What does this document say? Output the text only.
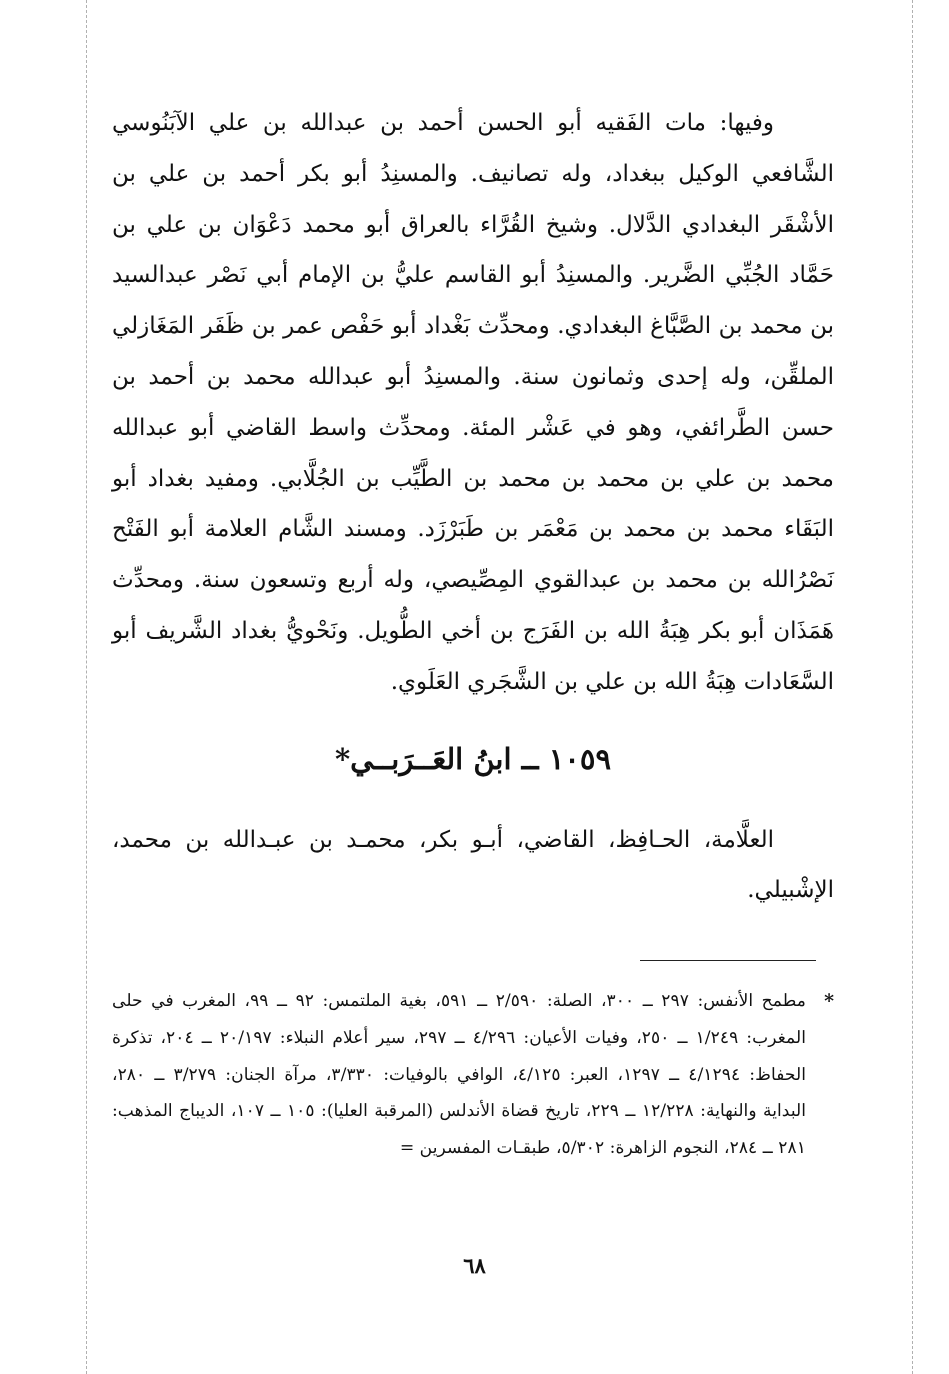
وفيها: مات الفَقيه أبو الحسن أحمد بن عبدالله بن علي الآبَنُوسي الشَّافعي الوكيل ببغداد، وله تصانيف. والمسنِدُ أبو بكر أحمد بن علي بن الأشْقَر البغدادي الدَّلال. وشيخ القُرَّاء بالعراق أبو محمد دَعْوَان بن علي بن حَمَّاد الجُبِّي الضَّرير. والمسنِدُ أبو القاسم عليُّ بن الإمام أبي نَصْر عبدالسيد بن محمد بن الصَّبَّاغ البغدادي. ومحدِّث بَغْداد أبو حَفْص عمر بن ظَفَر المَغَازلي الملقِّن، وله إحدى وثمانون سنة. والمسنِدُ أبو عبدالله محمد بن أحمد بن حسن الطَّرائفي، وهو في عَشْر المئة. ومحدِّث واسط القاضي أبو عبدالله محمد بن علي بن محمد بن محمد بن الطَّيِّب بن الجُلَّابي. ومفيد بغداد أبو البَقَاء محمد بن محمد بن مَعْمَر بن طَبَرْزَد. ومسند الشَّام العلامة أبو الفَتْح نَصْرُالله بن محمد بن عبدالقوي المِصِّيصي، وله أربع وتسعون سنة. ومحدِّث هَمَذَان أبو بكر هِبَةُ الله بن الفَرَج بن أخي الطُّويل. ونَحْويُّ بغداد الشَّريف أبو السَّعَادات هِبَةُ الله بن علي بن الشَّجَري العَلَوي.

١٠٥٩ ــ ابنُ العَــرَبــي*

العلَّامة، الحـافِظ، القاضي، أبـو بكر، محمـد بن عبـدالله بن محمد، الإشْبيلي.

*

مطمح الأنفس: ٢٩٧ ــ ٣٠٠، الصلة: ٢/٥٩٠ ــ ٥٩١، بغية الملتمس: ٩٢ ــ ٩٩، المغرب في حلى المغرب: ١/٢٤٩ ــ ٢٥٠، وفيات الأعيان: ٤/٢٩٦ ــ ٢٩٧، سير أعلام النبلاء: ٢٠/١٩٧ ــ ٢٠٤، تذكرة الحفاظ: ٤/١٢٩٤ ــ ١٢٩٧، العبر: ٤/١٢٥، الوافي بالوفيات: ٣/٣٣٠، مرآة الجنان: ٣/٢٧٩ ــ ٢٨٠، البداية والنهاية: ١٢/٢٢٨ ــ ٢٢٩، تاريخ قضاة الأندلس (المرقبة العليا): ١٠٥ ــ ١٠٧، الديباج المذهب: ٢٨١ ــ ٢٨٤، النجوم الزاهرة: ٥/٣٠٢، طبقـات المفسرين =

٦٨
